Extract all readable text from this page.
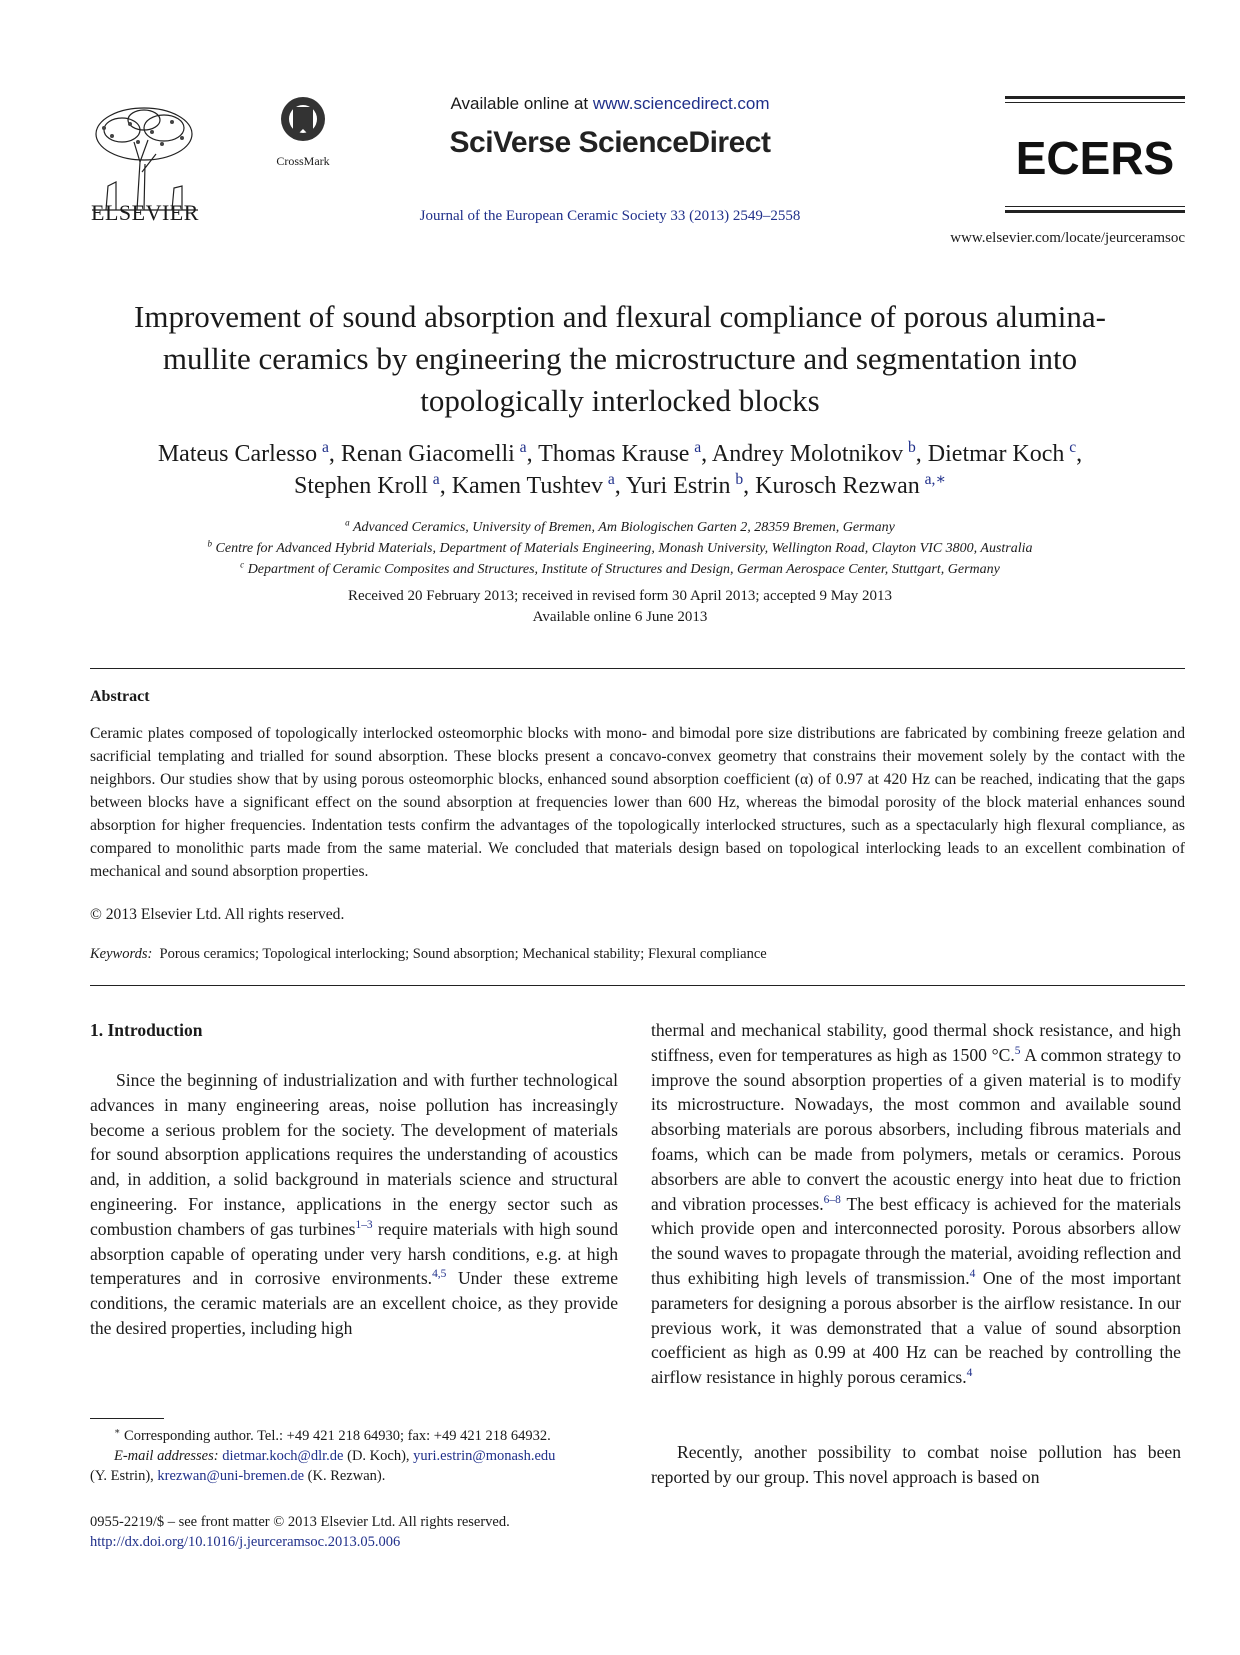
ELSEVIER
CrossMark
Available online at www.sciencedirect.com
SciVerse ScienceDirect
Journal of the European Ceramic Society 33 (2013) 2549–2558
ECERS
www.elsevier.com/locate/jeurceramsoc
Improvement of sound absorption and flexural compliance of porous alumina-mullite ceramics by engineering the microstructure and segmentation into topologically interlocked blocks
Mateus Carlesso  $^a$, Renan Giacomelli  $^a$, Thomas Krause  $^a$, Andrey Molotnikov  $^b$, Dietmar Koch  $^c$,
Stephen Kroll  $^a$, Kamen Tushtev  $^a$, Yuri Estrin  $^b$, Kurosch Rezwan  $^{a,∗}$
$^a$ Advanced Ceramics, University of Bremen, Am Biologischen Garten 2, 28359 Bremen, Germany
$^b$ Centre for Advanced Hybrid Materials, Department of Materials Engineering, Monash University, Wellington Road, Clayton VIC 3800, Australia
$^c$ Department of Ceramic Composites and Structures, Institute of Structures and Design, German Aerospace Center, Stuttgart, Germany
Received 20 February 2013; received in revised form 30 April 2013; accepted 9 May 2013
Available online 6 June 2013
Abstract
Ceramic plates composed of topologically interlocked osteomorphic blocks with mono- and bimodal pore size distributions are fabricated by combining freeze gelation and sacrificial templating and trialled for sound absorption. These blocks present a concavo-convex geometry that constrains their movement solely by the contact with the neighbors. Our studies show that by using porous osteomorphic blocks, enhanced sound absorption coefficient (α) of 0.97 at 420 Hz can be reached, indicating that the gaps between blocks have a significant effect on the sound absorption at frequencies lower than 600 Hz, whereas the bimodal porosity of the block material enhances sound absorption for higher frequencies. Indentation tests confirm the advantages of the topologically interlocked structures, such as a spectacularly high flexural compliance, as compared to monolithic parts made from the same material. We concluded that materials design based on topological interlocking leads to an excellent combination of mechanical and sound absorption properties.
© 2013 Elsevier Ltd. All rights reserved.
Keywords: Porous ceramics; Topological interlocking; Sound absorption; Mechanical stability; Flexural compliance
1. Introduction
Since the beginning of industrialization and with further technological advances in many engineering areas, noise pollution has increasingly become a serious problem for the society. The development of materials for sound absorption applications requires the understanding of acoustics and, in addition, a solid background in materials science and structural engineering. For instance, applications in the energy sector such as combustion chambers of gas turbines$^{1-3}$ require materials with high sound absorption capable of operating under very harsh conditions, e.g. at high temperatures and in corrosive environments.$^{4,5}$ Under these extreme conditions, the ceramic materials are an excellent choice, as they provide the desired properties, including high
thermal and mechanical stability, good thermal shock resistance, and high stiffness, even for temperatures as high as 1500 °C.$^5$ A common strategy to improve the sound absorption properties of a given material is to modify its microstructure. Nowadays, the most common and available sound absorbing materials are porous absorbers, including fibrous materials and foams, which can be made from polymers, metals or ceramics. Porous absorbers are able to convert the acoustic energy into heat due to friction and vibration processes.$^{6-8}$ The best efficacy is achieved for the materials which provide open and interconnected porosity. Porous absorbers allow the sound waves to propagate through the material, avoiding reflection and thus exhibiting high levels of transmission.$^4$ One of the most important parameters for designing a porous absorber is the airflow resistance. In our previous work, it was demonstrated that a value of sound absorption coefficient as high as 0.99 at 400 Hz can be reached by controlling the airflow resistance in highly porous ceramics.$^4$
Recently, another possibility to combat noise pollution has been reported by our group. This novel approach is based on
∗ Corresponding author. Tel.: +49 421 218 64930; fax: +49 421 218 64932.
E-mail addresses: dietmar.koch@dlr.de (D. Koch), yuri.estrin@monash.edu
(Y. Estrin), krezwan@uni-bremen.de (K. Rezwan).
0955-2219/$ – see front matter © 2013 Elsevier Ltd. All rights reserved.
http://dx.doi.org/10.1016/j.jeurceramsoc.2013.05.006
